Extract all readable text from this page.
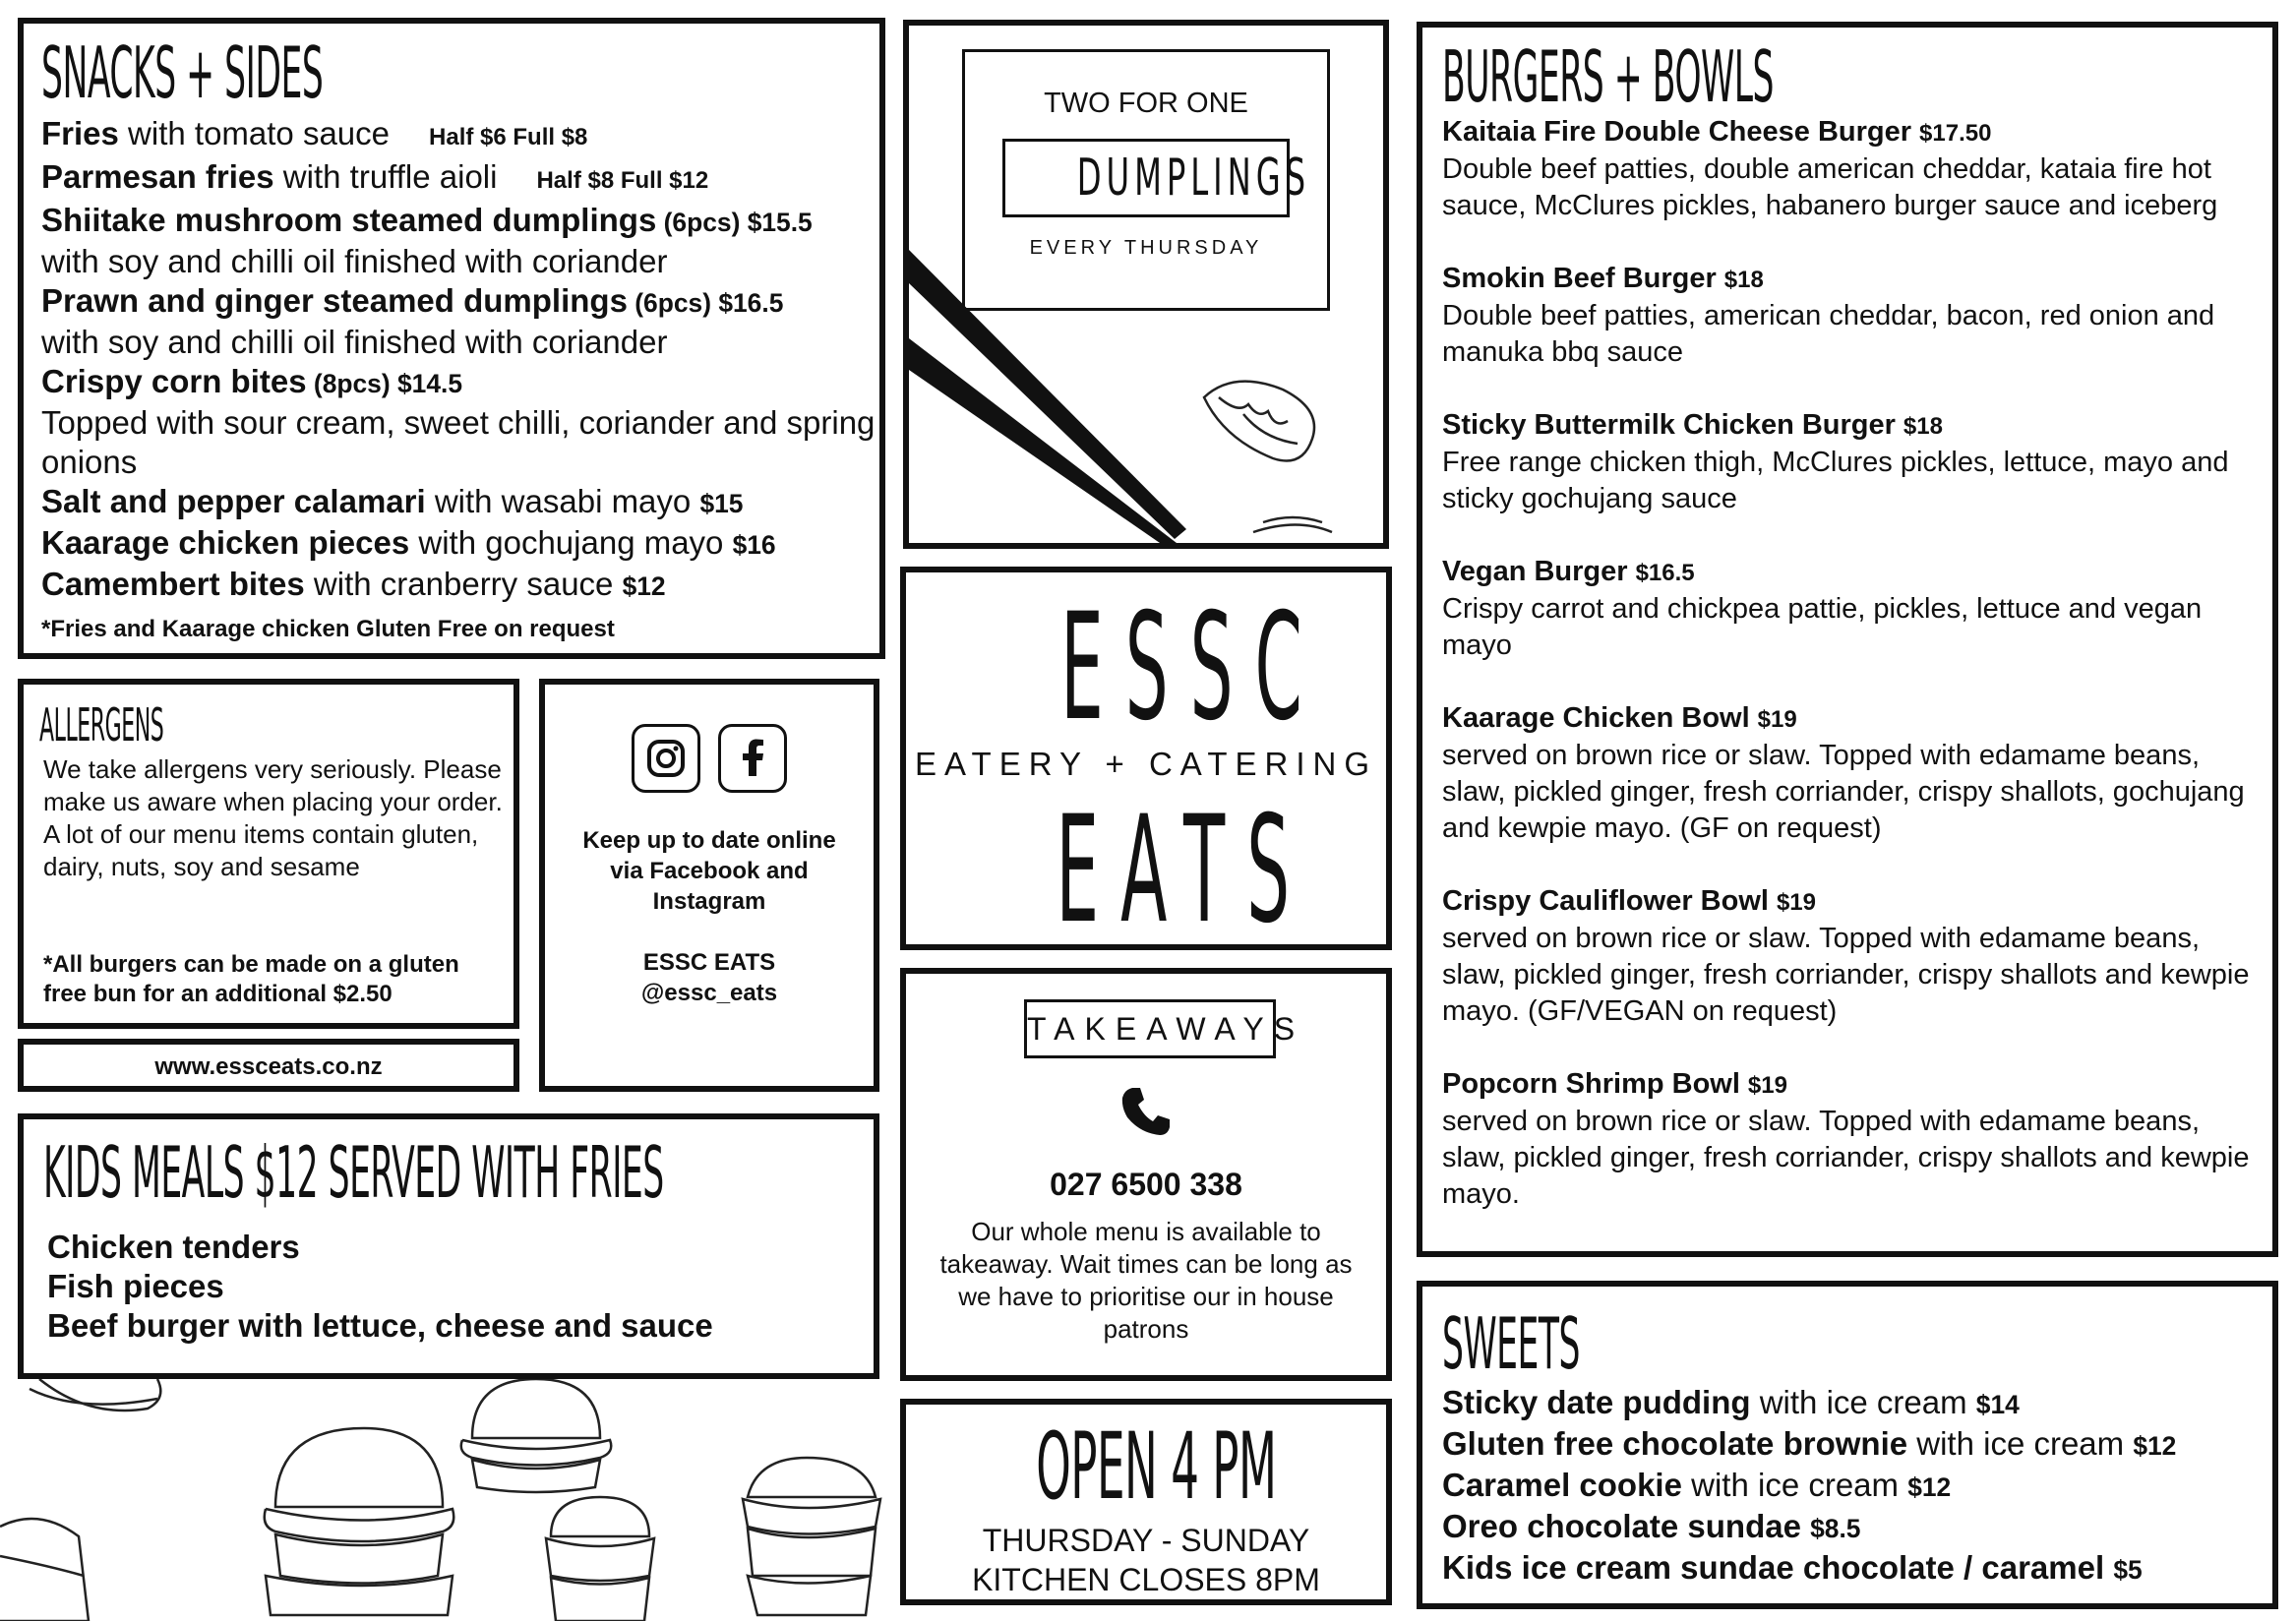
SNACKS + SIDES
Fries with tomato sauce Half $6 Full $8
Parmesan fries with truffle aioli Half $8 Full $12
Shiitake mushroom steamed dumplings (6pcs) $15.5
with soy and chilli oil finished with coriander
Prawn and ginger steamed dumplings (6pcs) $16.5
with soy and chilli oil finished with coriander
Crispy corn bites (8pcs) $14.5
Topped with sour cream, sweet chilli, coriander and spring onions
Salt and pepper calamari with wasabi mayo $15
Kaarage chicken pieces with gochujang mayo $16
Camembert bites with cranberry sauce $12
*Fries and Kaarage chicken Gluten Free on request
ALLERGENS
We take allergens very seriously. Please make us aware when placing your order. A lot of our menu items contain gluten, dairy, nuts, soy and sesame
*All burgers can be made on a gluten free bun for an additional $2.50
www.essceats.co.nz
Keep up to date online
via Facebook and
Instagram
ESSC EATS
@essc_eats
KIDS MEALS $12 SERVED WITH FRIES
Chicken tenders
Fish pieces
Beef burger with lettuce, cheese and sauce
TWO FOR ONE
DUMPLINGS
EVERY THURSDAY
ESSC
EATERY + CATERING
EATS
TAKEAWAYS
027 6500 338
Our whole menu is available to takeaway. Wait times can be long as we have to prioritise our in house patrons
OPEN 4 PM
THURSDAY - SUNDAY
KITCHEN CLOSES 8PM
BURGERS + BOWLS
Kaitaia Fire Double Cheese Burger $17.50
Double beef patties, double american cheddar, kataia fire hot sauce, McClures pickles, habanero burger sauce and iceberg
Smokin Beef Burger $18
Double beef patties, american cheddar, bacon, red onion and manuka bbq sauce
Sticky Buttermilk Chicken Burger $18
Free range chicken thigh, McClures pickles, lettuce, mayo and sticky gochujang sauce
Vegan Burger $16.5
Crispy carrot and chickpea pattie, pickles, lettuce and vegan mayo
Kaarage Chicken Bowl $19
served on brown rice or slaw. Topped with edamame beans, slaw, pickled ginger, fresh corriander, crispy shallots, gochujang and kewpie mayo. (GF on request)
Crispy Cauliflower Bowl $19
served on brown rice or slaw. Topped with edamame beans, slaw, pickled ginger, fresh corriander, crispy shallots and kewpie mayo. (GF/VEGAN on request)
Popcorn Shrimp Bowl $19
served on brown rice or slaw. Topped with edamame beans, slaw, pickled ginger, fresh corriander, crispy shallots and kewpie mayo.
SWEETS
Sticky date pudding with ice cream $14
Gluten free chocolate brownie with ice cream $12
Caramel cookie with ice cream $12
Oreo chocolate sundae $8.5
Kids ice cream sundae chocolate / caramel $5
